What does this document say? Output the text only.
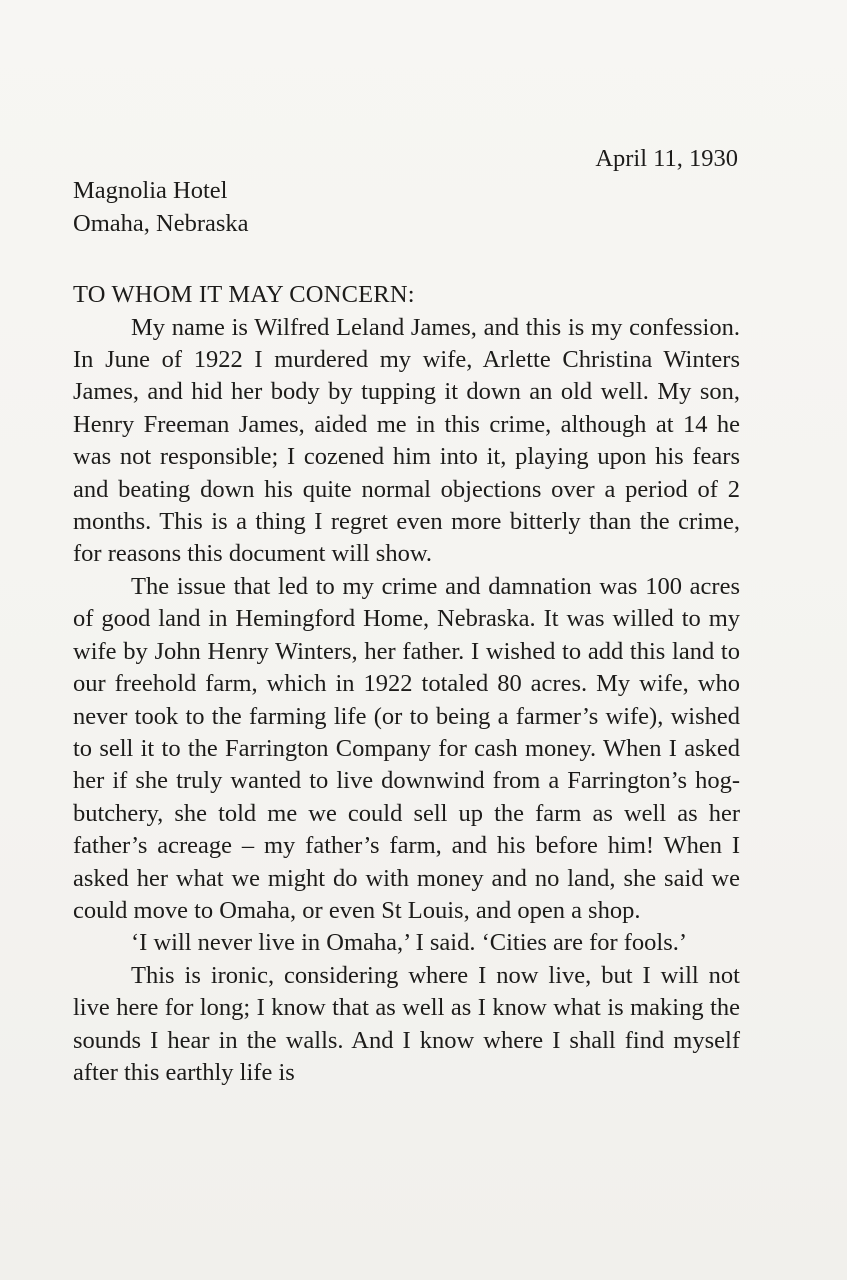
April 11, 1930

Magnolia Hotel
Omaha, Nebraska

TO WHOM IT MAY CONCERN:

My name is Wilfred Leland James, and this is my confession. In June of 1922 I murdered my wife, Arlette Christina Winters James, and hid her body by tupping it down an old well. My son, Henry Freeman James, aided me in this crime, although at 14 he was not responsible; I cozened him into it, playing upon his fears and beating down his quite normal objections over a period of 2 months. This is a thing I regret even more bitterly than the crime, for reasons this document will show.

The issue that led to my crime and damnation was 100 acres of good land in Hemingford Home, Nebraska. It was willed to my wife by John Henry Winters, her father. I wished to add this land to our freehold farm, which in 1922 totaled 80 acres. My wife, who never took to the farming life (or to being a farmer’s wife), wished to sell it to the Farrington Company for cash money. When I asked her if she truly wanted to live downwind from a Farrington’s hog-butchery, she told me we could sell up the farm as well as her father’s acreage – my father’s farm, and his before him! When I asked her what we might do with money and no land, she said we could move to Omaha, or even St Louis, and open a shop.

‘I will never live in Omaha,’ I said. ‘Cities are for fools.’

This is ironic, considering where I now live, but I will not live here for long; I know that as well as I know what is making the sounds I hear in the walls. And I know where I shall find myself after this earthly life is
